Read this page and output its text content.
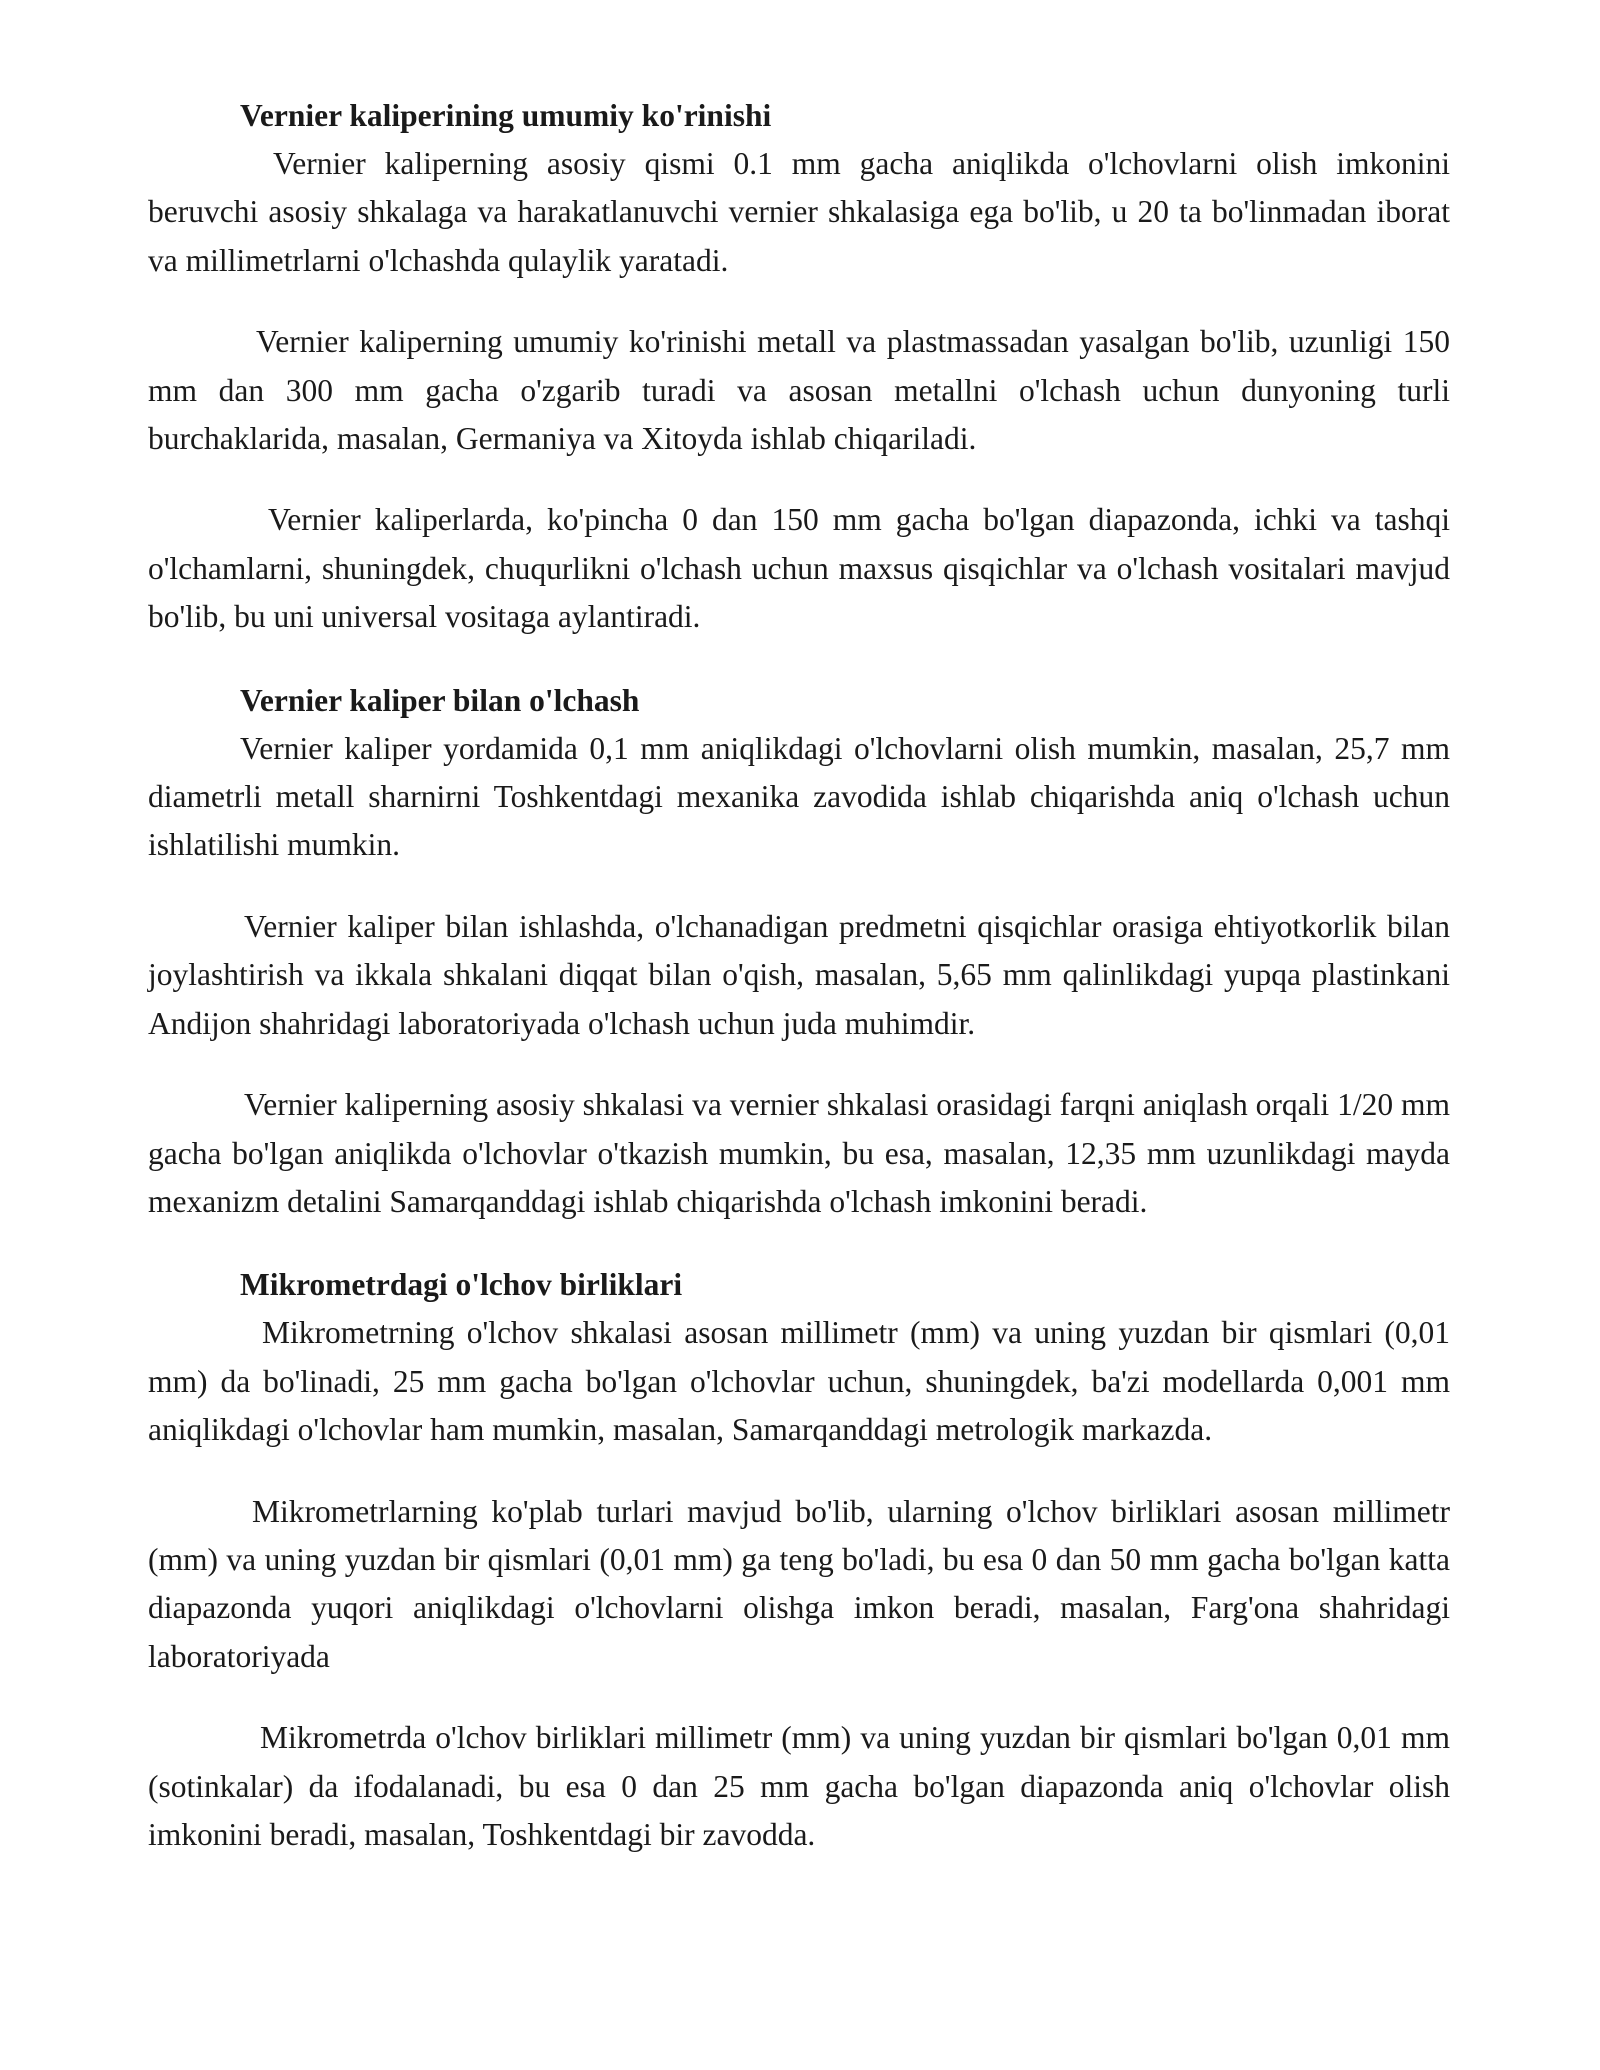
Vernier kaliperining umumiy ko'rinishi

Vernier kaliperning asosiy qismi 0.1 mm gacha aniqlikda o'lchovlarni olish imkonini beruvchi asosiy shkalaga va harakatlanuvchi vernier shkalasiga ega bo'lib, u 20 ta bo'linmadan iborat va millimetrlarni o'lchashda qulaylik yaratadi.

Vernier kaliperning umumiy ko'rinishi metall va plastmassadan yasalgan bo'lib, uzunligi 150 mm dan 300 mm gacha o'zgarib turadi va asosan metallni o'lchash uchun dunyoning turli burchaklarida, masalan, Germaniya va Xitoyda ishlab chiqariladi.

Vernier kaliperlarda, ko'pincha 0 dan 150 mm gacha bo'lgan diapazonda, ichki va tashqi o'lchamlarni, shuningdek, chuqurlikni o'lchash uchun maxsus qisqichlar va o'lchash vositalari mavjud bo'lib, bu uni universal vositaga aylantiradi.

Vernier kaliper bilan o'lchash

Vernier kaliper yordamida 0,1 mm aniqlikdagi o'lchovlarni olish mumkin, masalan, 25,7 mm diametrli metall sharnirni Toshkentdagi mexanika zavodida ishlab chiqarishda aniq o'lchash uchun ishlatilishi mumkin.

Vernier kaliper bilan ishlashda, o'lchanadigan predmetni qisqichlar orasiga ehtiyotkorlik bilan joylashtirish va ikkala shkalani diqqat bilan o'qish, masalan, 5,65 mm qalinlikdagi yupqa plastinkani Andijon shahridagi laboratoriyada o'lchash uchun juda muhimdir.

Vernier kaliperning asosiy shkalasi va vernier shkalasi orasidagi farqni aniqlash orqali 1/20 mm gacha bo'lgan aniqlikda o'lchovlar o'tkazish mumkin, bu esa, masalan, 12,35 mm uzunlikdagi mayda mexanizm detalini Samarqanddagi ishlab chiqarishda o'lchash imkonini beradi.

Mikrometrdagi o'lchov birliklari

Mikrometrning o'lchov shkalasi asosan millimetr (mm) va uning yuzdan bir qismlari (0,01 mm) da bo'linadi, 25 mm gacha bo'lgan o'lchovlar uchun, shuningdek, ba'zi modellarda 0,001 mm aniqlikdagi o'lchovlar ham mumkin, masalan, Samarqanddagi metrologik markazda.

Mikrometrlarning ko'plab turlari mavjud bo'lib, ularning o'lchov birliklari asosan millimetr (mm) va uning yuzdan bir qismlari (0,01 mm) ga teng bo'ladi, bu esa 0 dan 50 mm gacha bo'lgan katta diapazonda yuqori aniqlikdagi o'lchovlarni olishga imkon beradi, masalan, Farg'ona shahridagi laboratoriyada

Mikrometrda o'lchov birliklari millimetr (mm) va uning yuzdan bir qismlari bo'lgan 0,01 mm (sotinkalar) da ifodalanadi, bu esa 0 dan 25 mm gacha bo'lgan diapazonda aniq o'lchovlar olish imkonini beradi, masalan, Toshkentdagi bir zavodda.
